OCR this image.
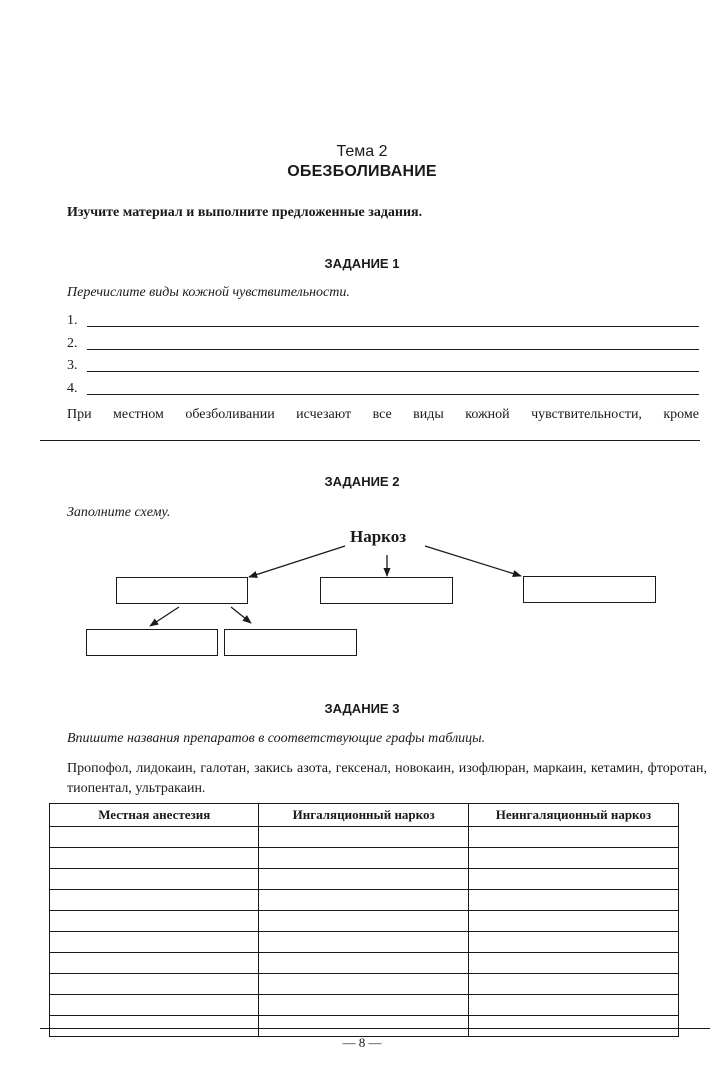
Тема 2
ОБЕЗБОЛИВАНИЕ
Изучите материал и выполните предложенные задания.
ЗАДАНИЕ 1
Перечислите виды кожной чувствительности.
1.
2.
3.
4.
При местном обезболивании исчезают все виды кожной чувствительности, кроме
ЗАДАНИЕ 2
Заполните схему.
Наркоз
ЗАДАНИЕ 3
Впишите названия препаратов в соответствующие графы таблицы.
Пропофол, лидокаин, галотан, закись азота, гексенал, новокаин, изофлюран, маркаин, кетамин, фторотан, тиопентал, ультракаин.
Местная анестезия	Ингаляционный наркоз	Неингаляционный наркоз

— 8 —
